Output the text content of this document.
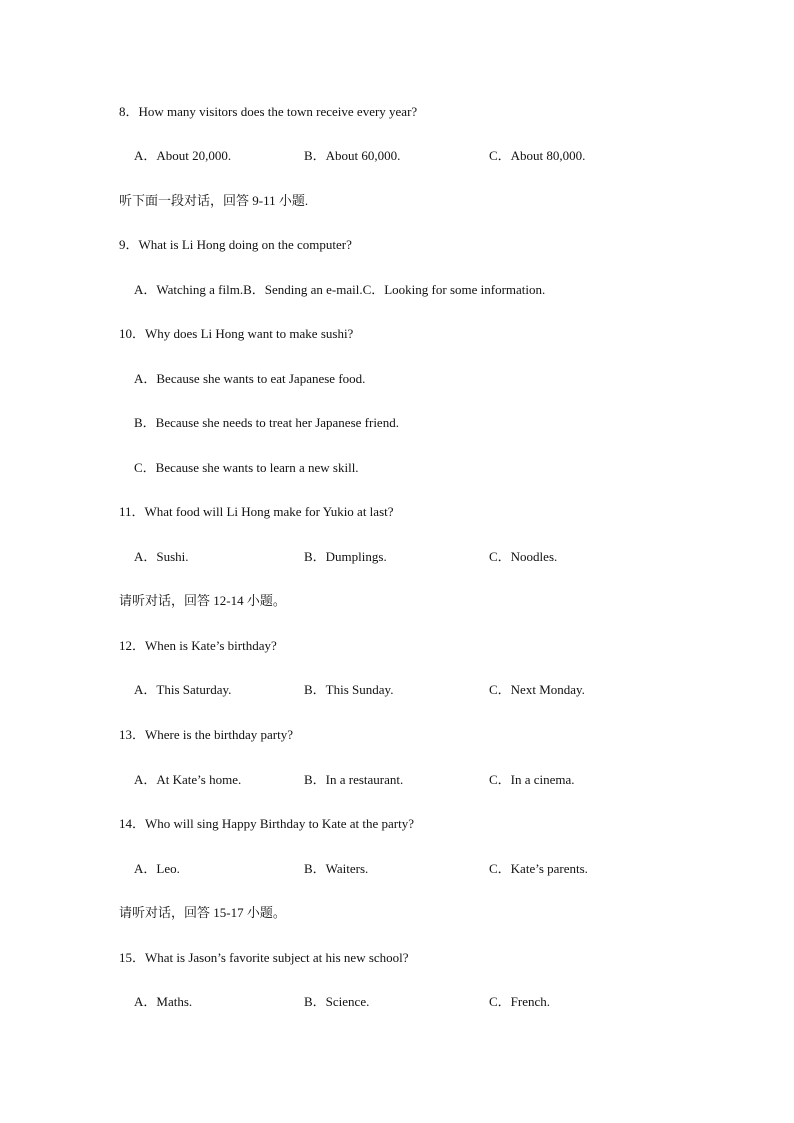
8．How many visitors does the town receive every year?
A．About 20,000.	B．About 60,000.	C．About 80,000.
听下面一段对话，回答 9-11 小题.
9．What is Li Hong doing on the computer?
A．Watching a film.B．Sending an e-mail.C．Looking for some information.
10．Why does Li Hong want to make sushi?
A．Because she wants to eat Japanese food.
B．Because she needs to treat her Japanese friend.
C．Because she wants to learn a new skill.
11．What food will Li Hong make for Yukio at last?
A．Sushi.	B．Dumplings.	C．Noodles.
请听对话，回答 12-14 小题。
12．When is Kate’s birthday?
A．This Saturday.	B．This Sunday.	C．Next Monday.
13．Where is the birthday party?
A．At Kate’s home.	B．In a restaurant.	C．In a cinema.
14．Who will sing Happy Birthday to Kate at the party?
A．Leo.	B．Waiters.	C．Kate’s parents.
请听对话，回答 15-17 小题。
15．What is Jason’s favorite subject at his new school?
A．Maths.	B．Science.	C．French.
